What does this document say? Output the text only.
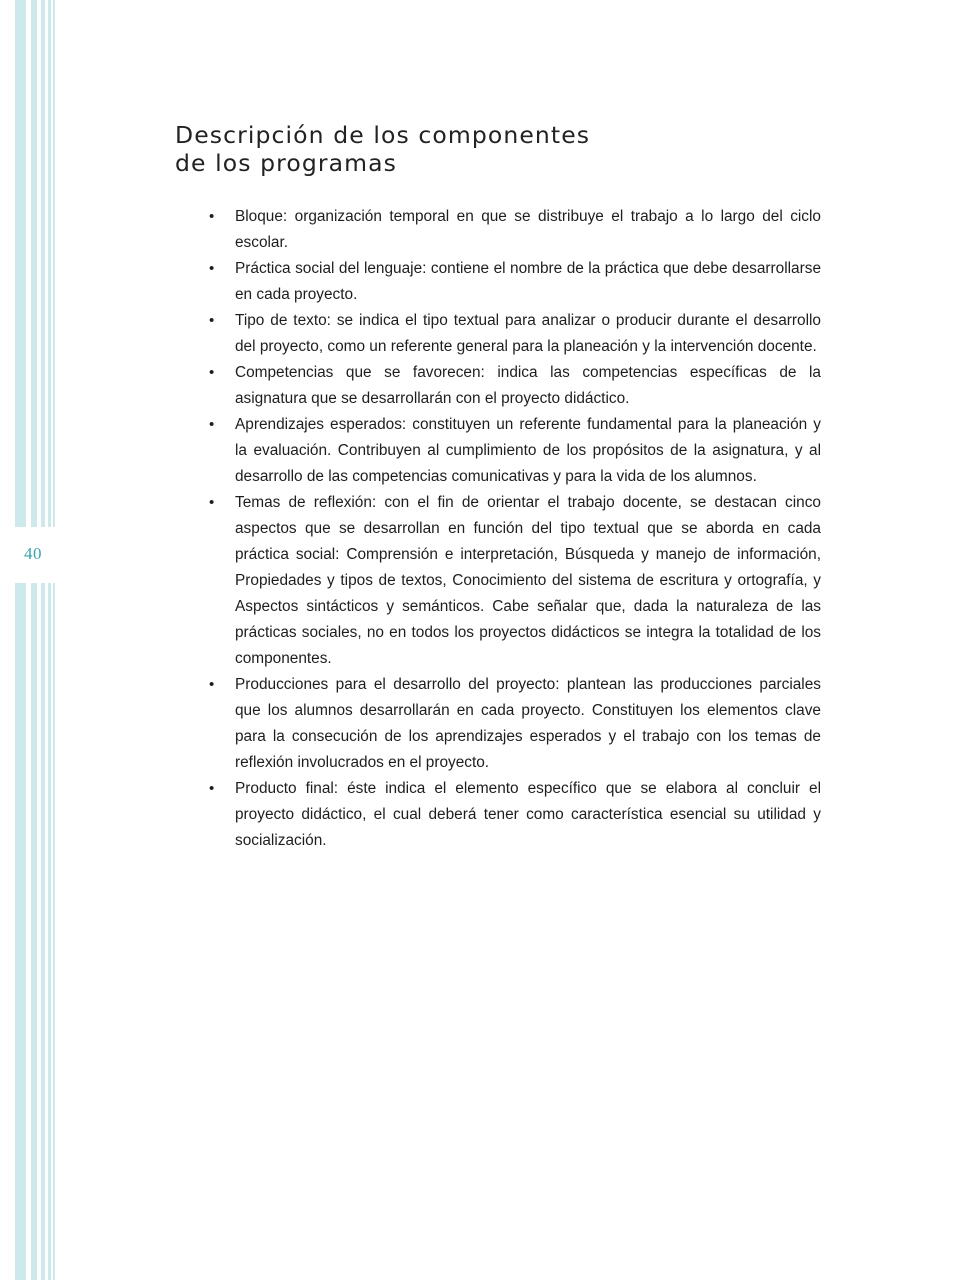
40
Descripción de los componentes
de los programas
• Bloque: organización temporal en que se distribuye el trabajo a lo largo del ciclo escolar.
• Práctica social del lenguaje: contiene el nombre de la práctica que debe desarrollarse en cada proyecto.
• Tipo de texto: se indica el tipo textual para analizar o producir durante el desarrollo del proyecto, como un referente general para la planeación y la intervención docente.
• Competencias que se favorecen: indica las competencias específicas de la asignatura que se desarrollarán con el proyecto didáctico.
• Aprendizajes esperados: constituyen un referente fundamental para la planeación y la evaluación. Contribuyen al cumplimiento de los propósitos de la asignatura, y al desarrollo de las competencias comunicativas y para la vida de los alumnos.
• Temas de reflexión: con el fin de orientar el trabajo docente, se destacan cinco aspectos que se desarrollan en función del tipo textual que se aborda en cada práctica social: Comprensión e interpretación, Búsqueda y manejo de información, Propiedades y tipos de textos, Conocimiento del sistema de escritura y ortografía, y Aspectos sintácticos y semánticos. Cabe señalar que, dada la naturaleza de las prácticas sociales, no en todos los proyectos didácticos se integra la totalidad de los componentes.
• Producciones para el desarrollo del proyecto: plantean las producciones parciales que los alumnos desarrollarán en cada proyecto. Constituyen los elementos clave para la consecución de los aprendizajes esperados y el trabajo con los temas de reflexión involucrados en el proyecto.
• Producto final: éste indica el elemento específico que se elabora al concluir el proyecto didáctico, el cual deberá tener como característica esencial su utilidad y socialización.
